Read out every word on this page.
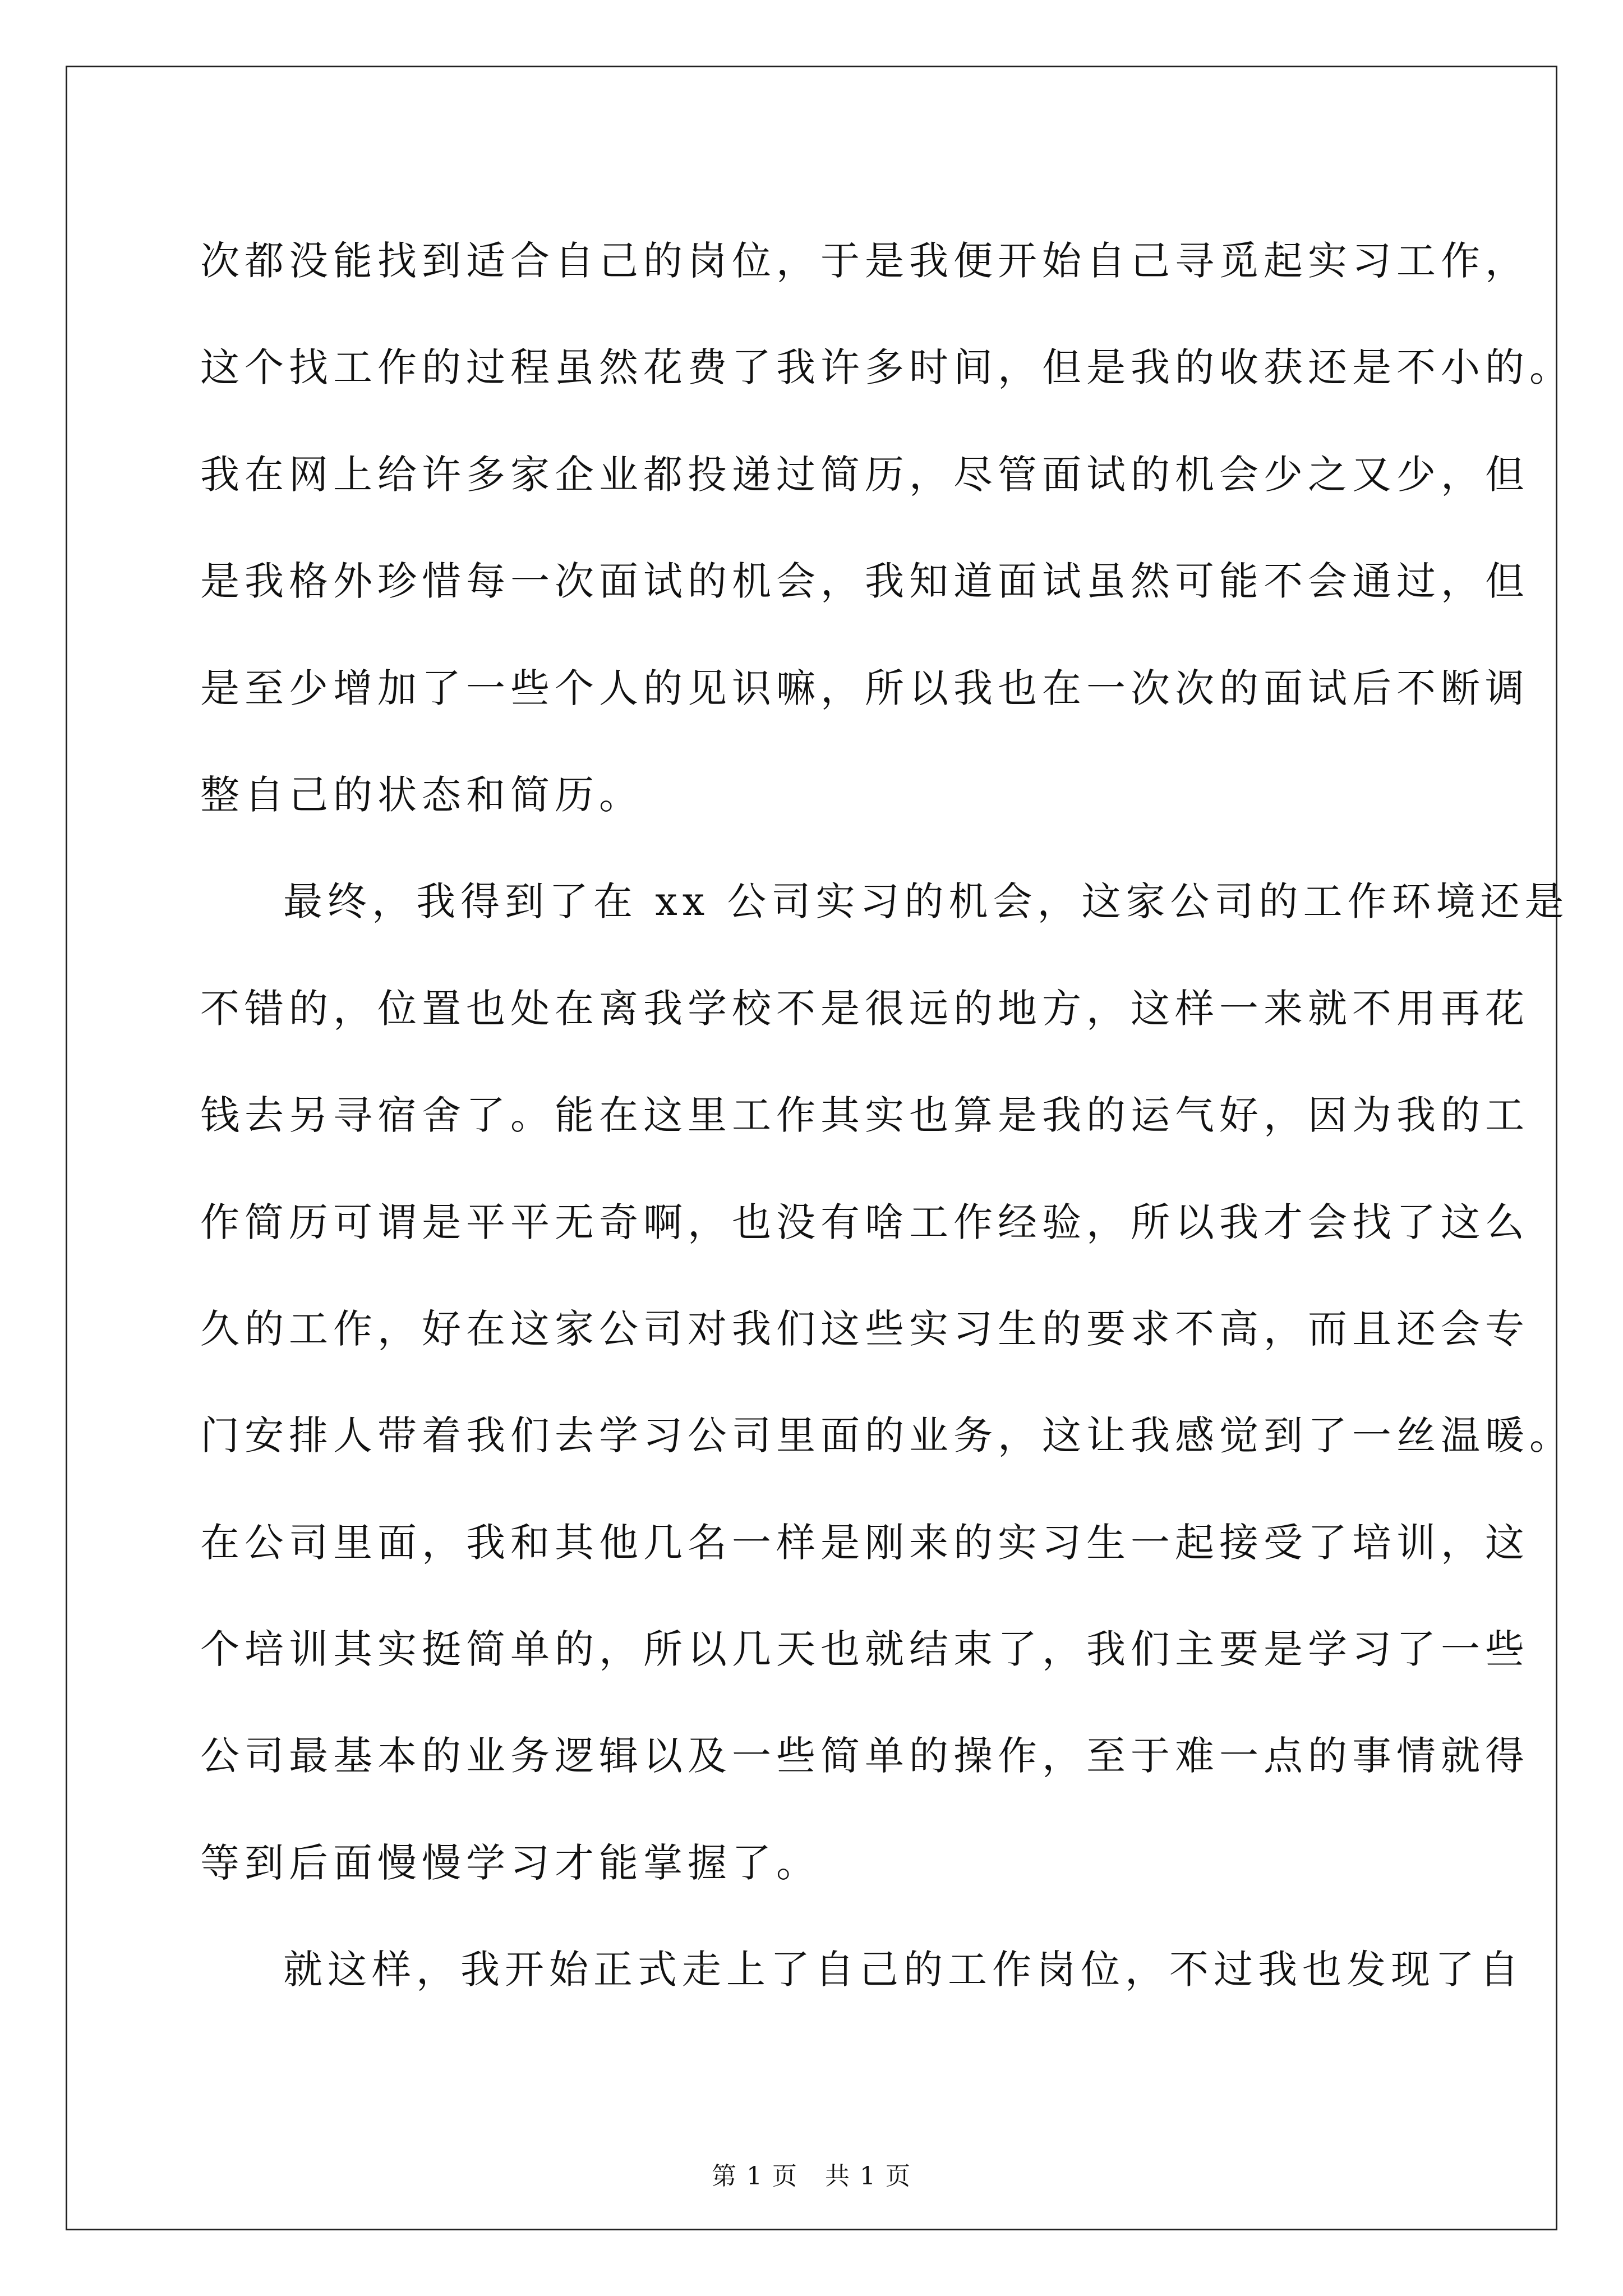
次都没能找到适合自己的岗位，于是我便开始自己寻觅起实习工作，
这个找工作的过程虽然花费了我许多时间，但是我的收获还是不小的。
我在网上给许多家企业都投递过简历，尽管面试的机会少之又少，但
是我格外珍惜每一次面试的机会，我知道面试虽然可能不会通过，但
是至少增加了一些个人的见识嘛，所以我也在一次次的面试后不断调
整自己的状态和简历。
最终，我得到了在 xx 公司实习的机会，这家公司的工作环境还是
不错的，位置也处在离我学校不是很远的地方，这样一来就不用再花
钱去另寻宿舍了。能在这里工作其实也算是我的运气好，因为我的工
作简历可谓是平平无奇啊，也没有啥工作经验，所以我才会找了这么
久的工作，好在这家公司对我们这些实习生的要求不高，而且还会专
门安排人带着我们去学习公司里面的业务，这让我感觉到了一丝温暖。
在公司里面，我和其他几名一样是刚来的实习生一起接受了培训，这
个培训其实挺简单的，所以几天也就结束了，我们主要是学习了一些
公司最基本的业务逻辑以及一些简单的操作，至于难一点的事情就得
等到后面慢慢学习才能掌握了。
就这样，我开始正式走上了自己的工作岗位，不过我也发现了自
第 1 页 共 1 页
